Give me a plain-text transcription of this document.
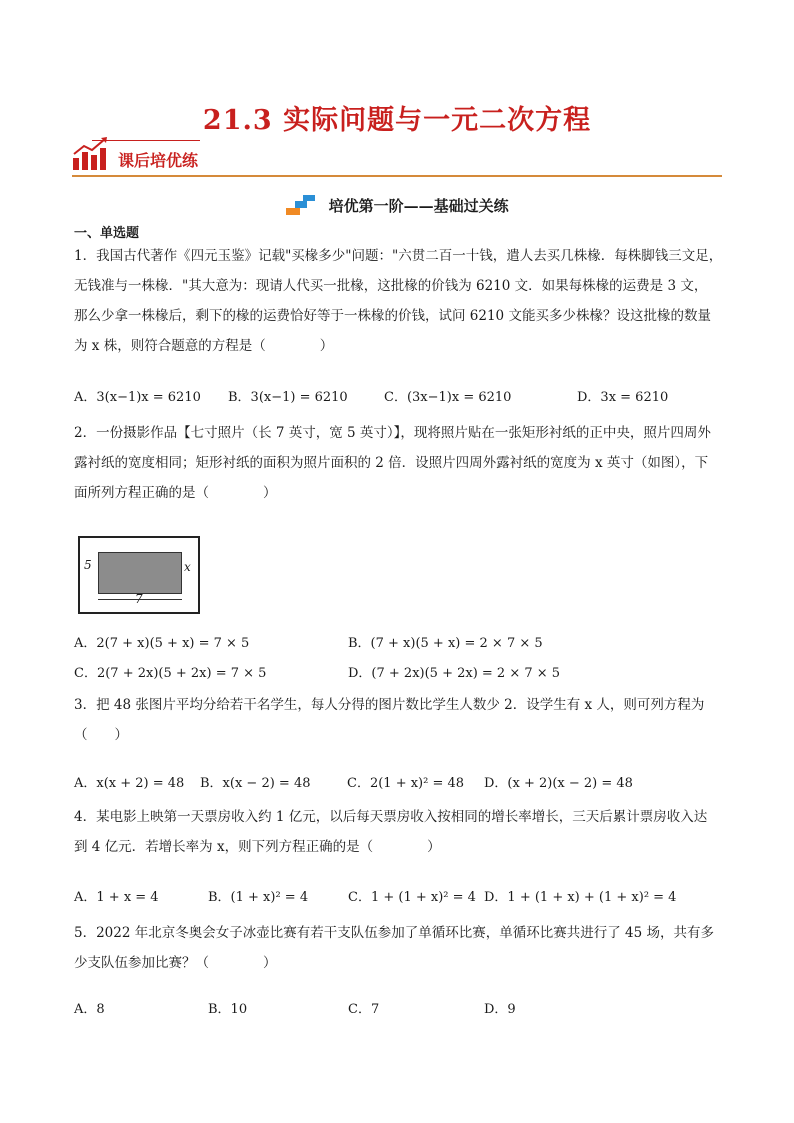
21.3 实际问题与一元二次方程
课后培优练
培优第一阶——基础过关练
一、单选题
1．我国古代著作《四元玉鉴》记载"买椽多少"问题："六贯二百一十钱，遣人去买几株椽．每株脚钱三文足，
无钱准与一株椽．"其大意为：现请人代买一批椽，这批椽的价钱为 6210 文．如果每株椽的运费是 3 文，
那么少拿一株椽后，剩下的椽的运费恰好等于一株椽的价钱，试问 6210 文能买多少株椽？设这批椽的数量
为 x 株，则符合题意的方程是（　　　　）
A．3(x−1)x = 6210 B．3(x−1) = 6210	C．(3x−1)x = 6210	D．3x = 6210
2．一份摄影作品【七寸照片（长 7 英寸，宽 5 英寸）】，现将照片贴在一张矩形衬纸的正中央，照片四周外
露衬纸的宽度相同；矩形衬纸的面积为照片面积的 2 倍．设照片四周外露衬纸的宽度为 x 英寸（如图），下
面所列方程正确的是（　　　　）
5	x
A．2(7 + x)(5 + x) = 7 × 5	B．(7 + x)(5 + x) = 2 × 7 × 5
C．2(7 + 2x)(5 + 2x) = 7 × 5	D．(7 + 2x)(5 + 2x) = 2 × 7 × 5
3．把 48 张图片平均分给若干名学生，每人分得的图片数比学生人数少 2．设学生有 x 人，则可列方程为
（　　）
A．x(x + 2) = 48 B．x(x − 2) = 48	C．2(1 + x)² = 48 D．(x + 2)(x − 2) = 48
4．某电影上映第一天票房收入约 1 亿元，以后每天票房收入按相同的增长率增长，三天后累计票房收入达
到 4 亿元．若增长率为 x，则下列方程正确的是（　　　　）
A．1 + x = 4	B．(1 + x)² = 4	C．1 + (1 + x)² = 4 D．1 + (1 + x) + (1 + x)² = 4
5．2022 年北京冬奥会女子冰壶比赛有若干支队伍参加了单循环比赛，单循环比赛共进行了 45 场，共有多
少支队伍参加比赛？（　　　　）
A．8	B．10	C．7	D．9
